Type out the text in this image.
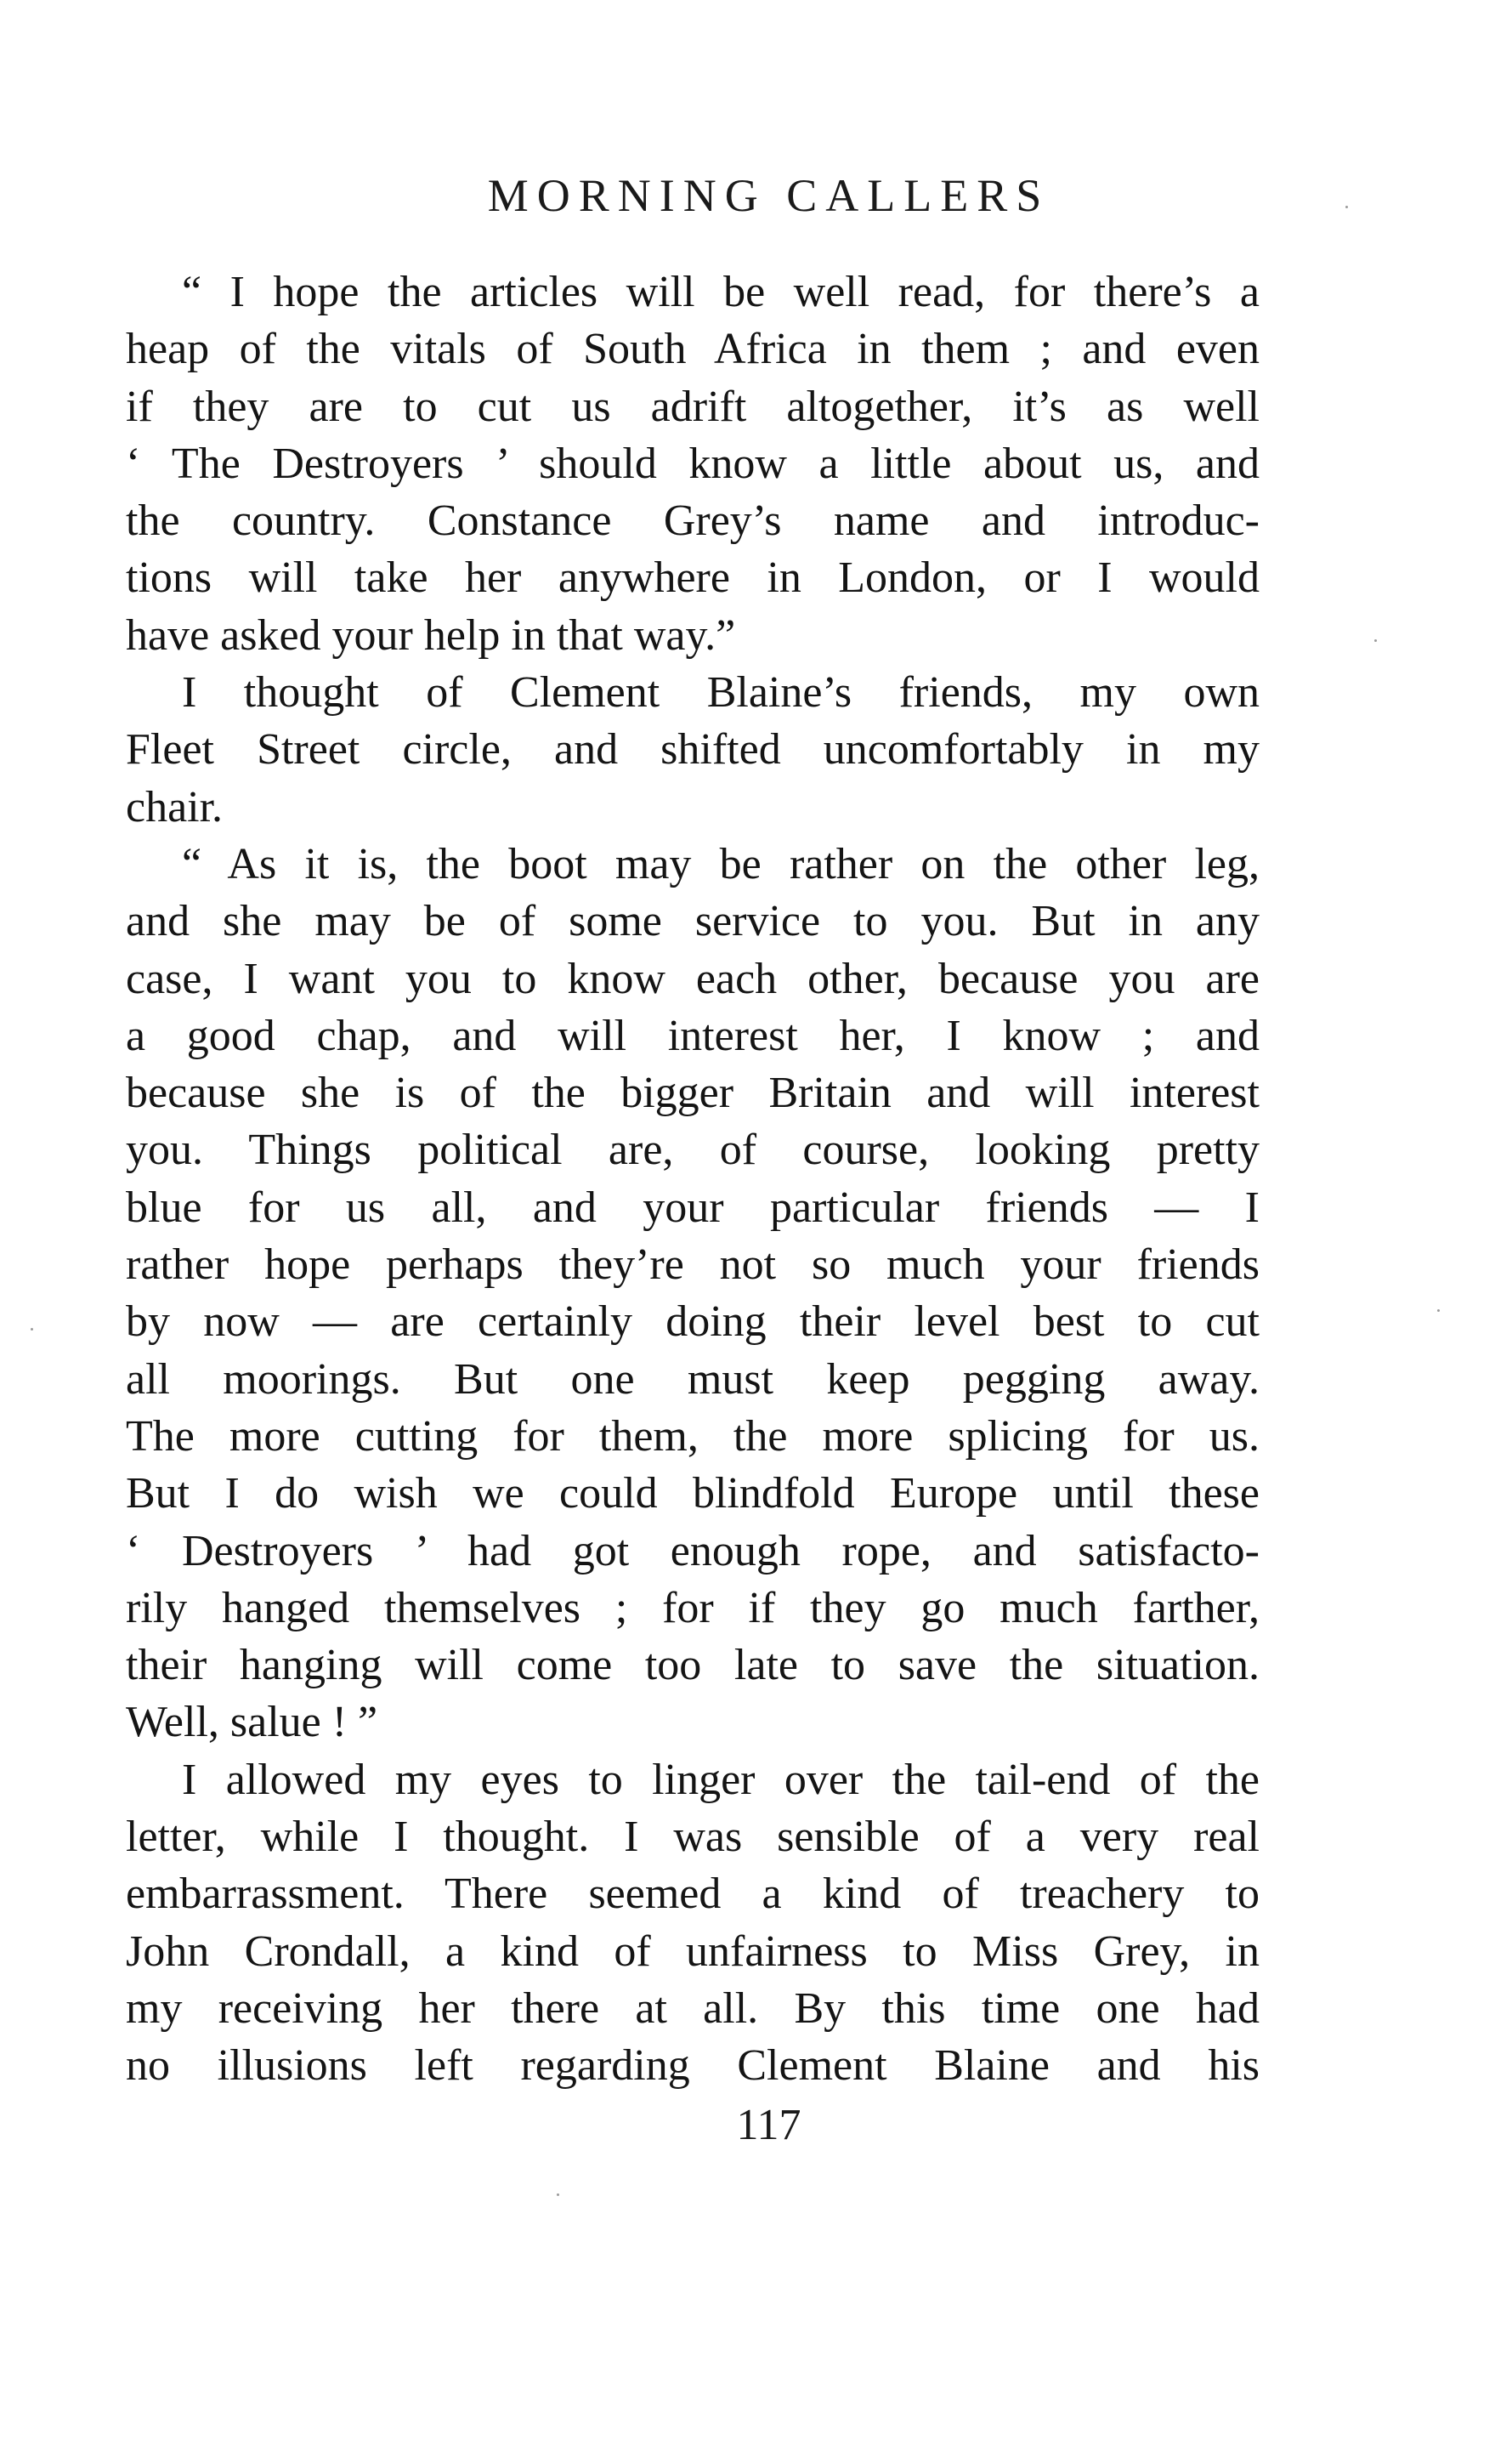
MORNING CALLERS
“ I hope the articles will be well read, for there’s a
heap of the vitals of South Africa in them ; and even
if they are to cut us adrift altogether, it’s as well
‘ The Destroyers ’ should know a little about us, and
the country. Constance Grey’s name and introduc-
tions will take her anywhere in London, or I would
have asked your help in that way.”
I thought of Clement Blaine’s friends, my own
Fleet Street circle, and shifted uncomfortably in my
chair.
“ As it is, the boot may be rather on the other leg,
and she may be of some service to you. But in any
case, I want you to know each other, because you are
a good chap, and will interest her, I know ; and
because she is of the bigger Britain and will interest
you. Things political are, of course, looking pretty
blue for us all, and your particular friends — I
rather hope perhaps they’re not so much your friends
by now — are certainly doing their level best to cut
all moorings. But one must keep pegging away.
The more cutting for them, the more splicing for us.
But I do wish we could blindfold Europe until these
‘ Destroyers ’ had got enough rope, and satisfacto-
rily hanged themselves ; for if they go much farther,
their hanging will come too late to save the situation.
Well, salue ! ”
I allowed my eyes to linger over the tail-end of the
letter, while I thought. I was sensible of a very real
embarrassment. There seemed a kind of treachery to
John Crondall, a kind of unfairness to Miss Grey, in
my receiving her there at all. By this time one had
no illusions left regarding Clement Blaine and his
117
